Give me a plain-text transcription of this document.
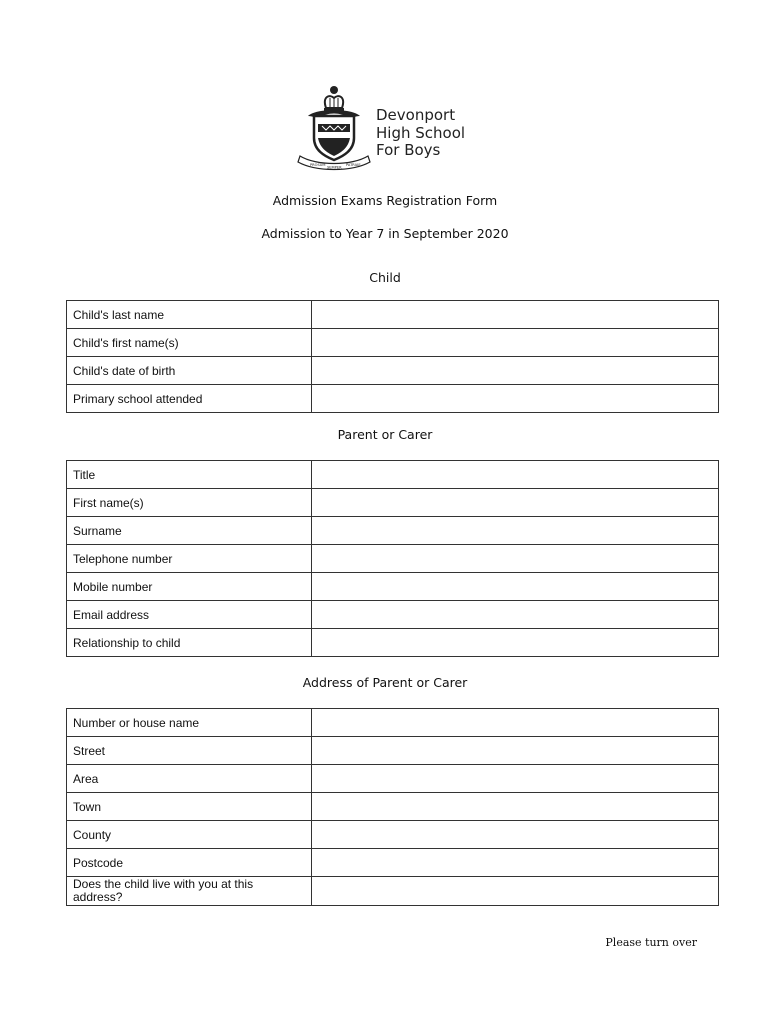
PROSUM
SEMPER
PATRIAE
Devonport
High School
For Boys
Admission Exams Registration Form
Admission to Year 7 in September 2020
Child
Child's last name	
Child's first name(s)	
Child's date of birth	
Primary school attended	
Parent or Carer
Title	
First name(s)	
Surname	
Telephone number	
Mobile number	
Email address	
Relationship to child	
Address of Parent or Carer
Number or house name	
Street	
Area	
Town	
County	
Postcode	
Does the child live with you at this address?	
Please turn over
